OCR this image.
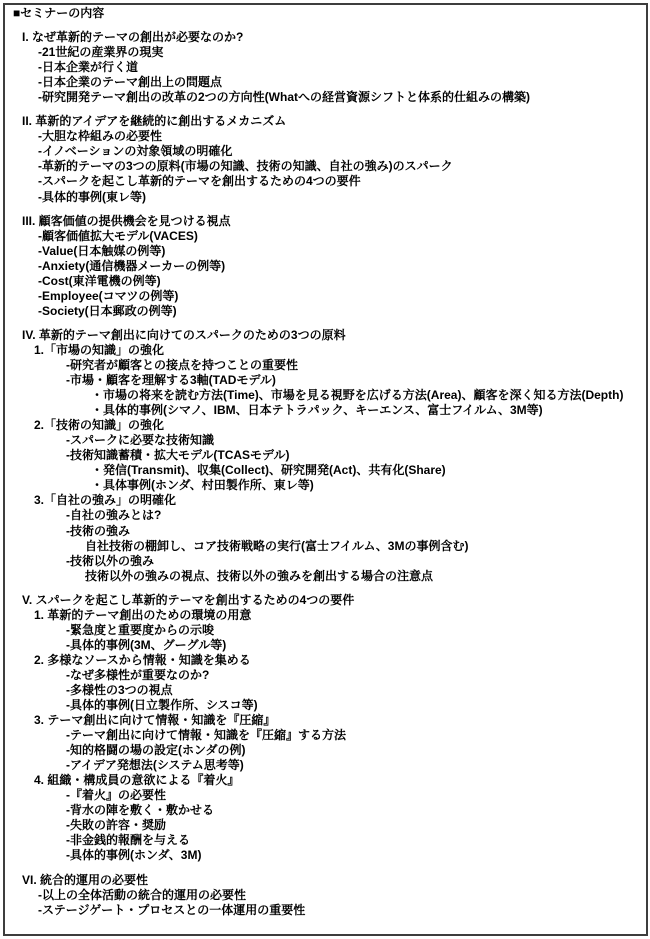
■セミナーの内容
I. なぜ革新的テーマの創出が必要なのか?
-21世紀の産業界の現実
-日本企業が行く道
-日本企業のテーマ創出上の問題点
-研究開発テーマ創出の改革の2つの方向性(Whatへの経営資源シフトと体系的仕組みの構築)
II. 革新的アイデアを継続的に創出するメカニズム
-大胆な枠組みの必要性
-イノベーションの対象領域の明確化
-革新的テーマの3つの原料(市場の知識、技術の知識、自社の強み)のスパーク
-スパークを起こし革新的テーマを創出するための4つの要件
-具体的事例(東レ等)
III. 顧客価値の提供機会を見つける視点
-顧客価値拡大モデル(VACES)
-Value(日本触媒の例等)
-Anxiety(通信機器メーカーの例等)
-Cost(東洋電機の例等)
-Employee(コマツの例等)
-Society(日本郵政の例等)
IV. 革新的テーマ創出に向けてのスパークのための3つの原料
1.「市場の知識」の強化
-研究者が顧客との接点を持つことの重要性
-市場・顧客を理解する3軸(TADモデル)
・市場の将来を読む方法(Time)、市場を見る視野を広げる方法(Area)、顧客を深く知る方法(Depth)
・具体的事例(シマノ、IBM、日本テトラパック、キーエンス、富士フイルム、3M等)
2.「技術の知識」の強化
-スパークに必要な技術知識
-技術知識蓄積・拡大モデル(TCASモデル)
・発信(Transmit)、収集(Collect)、研究開発(Act)、共有化(Share)
・具体事例(ホンダ、村田製作所、東レ等)
3.「自社の強み」の明確化
-自社の強みとは?
-技術の強み
自社技術の棚卸し、コア技術戦略の実行(富士フイルム、3Mの事例含む)
-技術以外の強み
技術以外の強みの視点、技術以外の強みを創出する場合の注意点
V. スパークを起こし革新的テーマを創出するための4つの要件
1. 革新的テーマ創出のための環境の用意
-緊急度と重要度からの示唆
-具体的事例(3M、グーグル等)
2. 多様なソースから情報・知識を集める
-なぜ多様性が重要なのか?
-多様性の3つの視点
-具体的事例(日立製作所、シスコ等)
3. テーマ創出に向けて情報・知識を『圧縮』
-テーマ創出に向けて情報・知識を『圧縮』する方法
-知的格闘の場の設定(ホンダの例)
-アイデア発想法(システム思考等)
4. 組織・構成員の意欲による『着火』
-『着火』の必要性
-背水の陣を敷く・敷かせる
-失敗の許容・奨励
-非金銭的報酬を与える
-具体的事例(ホンダ、3M)
VI. 統合的運用の必要性
-以上の全体活動の統合的運用の必要性
-ステージゲート・プロセスとの一体運用の重要性
